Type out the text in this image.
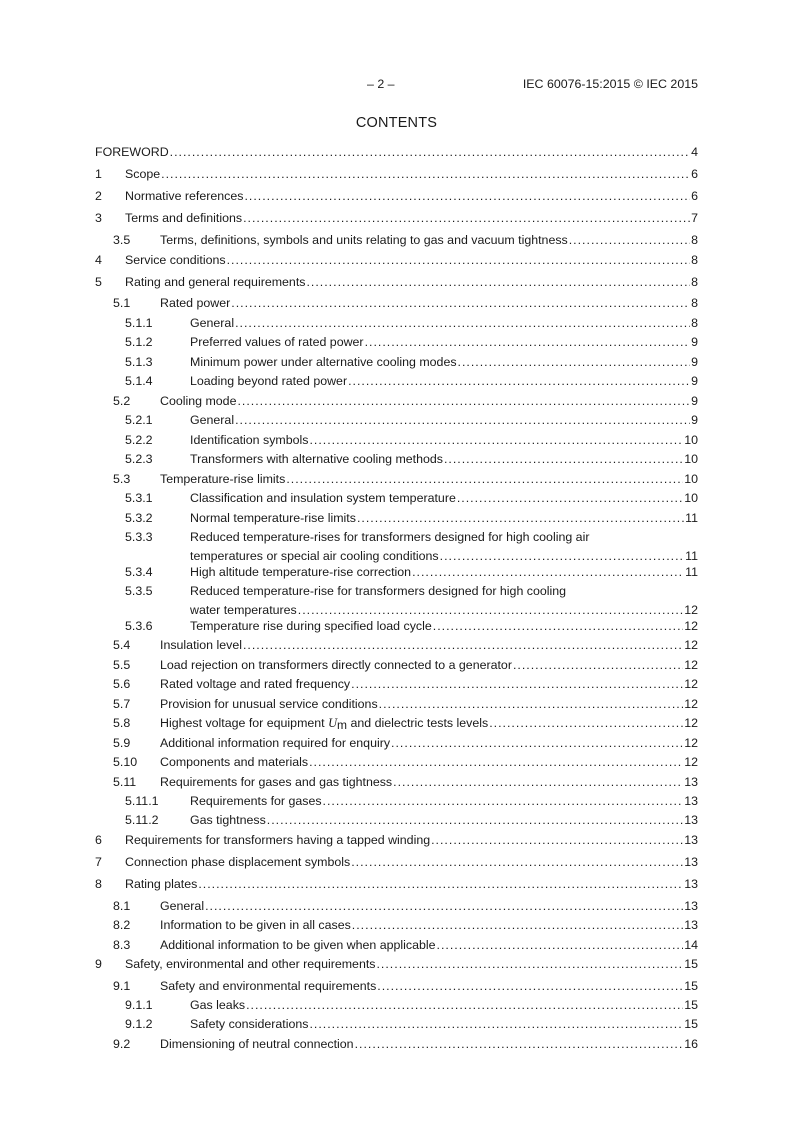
– 2 –	IEC 60076-15:2015 © IEC 2015
CONTENTS
FOREWORD .....	4
1 Scope .....	6
2 Normative references .....	6
3 Terms and definitions .....	7
3.5 Terms, definitions, symbols and units relating to gas and vacuum tightness .....	8
4 Service conditions .....	8
5 Rating and general requirements .....	8
5.1 Rated power .....	8
5.1.1	General .....	8
5.1.2	Preferred values of rated power .....	9
5.1.3	Minimum power under alternative cooling modes .....	9
5.1.4	Loading beyond rated power .....	9
5.2 Cooling mode .....	9
5.2.1	General .....	9
5.2.2	Identification symbols .....	10
5.2.3	Transformers with alternative cooling methods .....	10
5.3 Temperature-rise limits .....	10
5.3.1	Classification and insulation system temperature .....	10
5.3.2	Normal temperature-rise limits .....	11
5.3.3	Reduced temperature-rises for transformers designed for high cooling air
temperatures or special air cooling conditions .....	11
5.3.4	High altitude temperature-rise correction .....	11
5.3.5	Reduced temperature-rise for transformers designed for high cooling
water temperatures .....	12
5.3.6	Temperature rise during specified load cycle .....	12
5.4 Insulation level .....	12
5.5 Load rejection on transformers directly connected to a generator .....	12
5.6 Rated voltage and rated frequency .....	12
5.7 Provision for unusual service conditions .....	12
5.8 Highest voltage for equipment $U_m$ and dielectric tests levels .....	12
5.9 Additional information required for enquiry .....	12
5.10 Components and materials .....	12
5.11 Requirements for gases and gas tightness .....	13
5.11.1	Requirements for gases .....	13
5.11.2	Gas tightness .....	13
6 Requirements for transformers having a tapped winding .....	13
7 Connection phase displacement symbols .....	13
8 Rating plates .....	13
8.1 General .....	13
8.2 Information to be given in all cases .....	13
8.3 Additional information to be given when applicable .....	14
9 Safety, environmental and other requirements .....	15
9.1 Safety and environmental requirements .....	15
9.1.1	Gas leaks .....	15
9.1.2	Safety considerations .....	15
9.2 Dimensioning of neutral connection .....	16
